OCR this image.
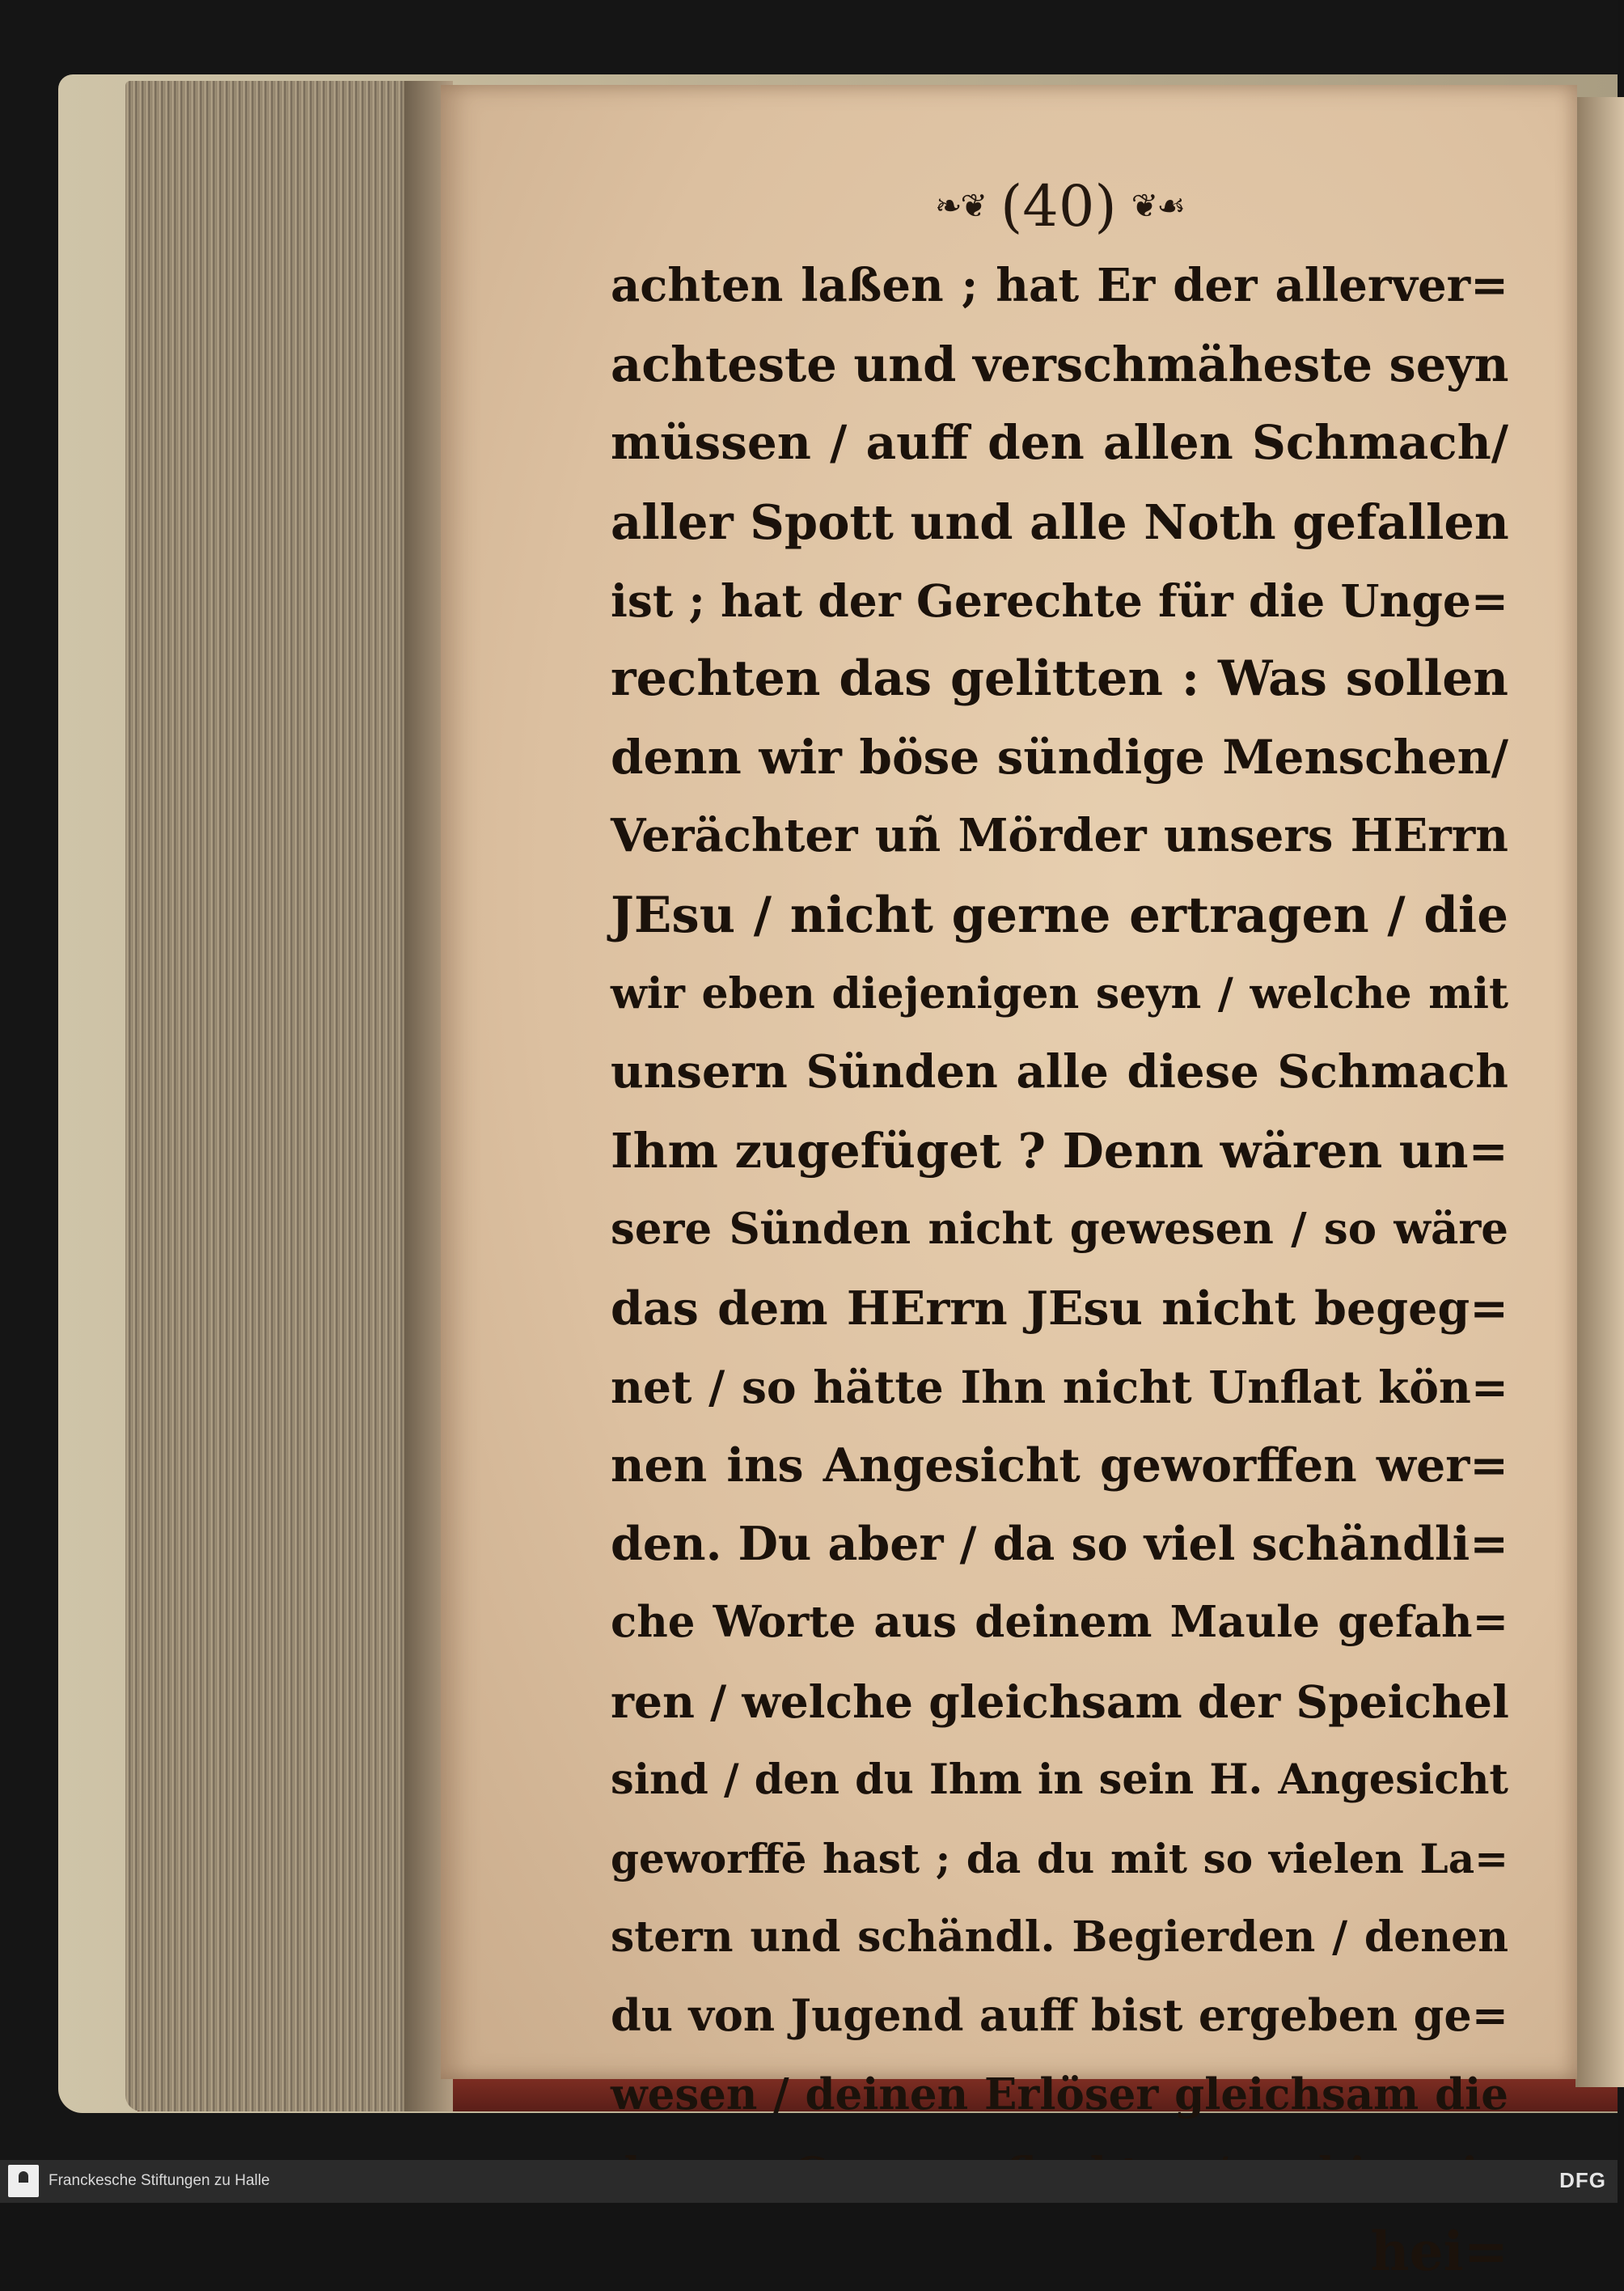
❧❦ (40) ❦☙
achten laßen ; hat Er der allerver=
achteste und verschmäheste seyn
müssen / auff den allen Schmach/
aller Spott und alle Noth gefallen
ist ; hat der Gerechte für die Unge=
rechten das gelitten : Was sollen
denn wir böse sündige Menschen/
Verächter uñ Mörder unsers HErrn
JEsu / nicht gerne ertragen / die
wir eben diejenigen seyn / welche mit
unsern Sünden alle diese Schmach
Ihm zugefüget ? Denn wären un=
sere Sünden nicht gewesen / so wäre
das dem HErrn JEsu nicht begeg=
net / so hätte Ihn nicht Unflat kön=
nen ins Angesicht geworffen wer=
den. Du aber / da so viel schändli=
che Worte aus deinem Maule gefah=
ren / welche gleichsam der Speichel
sind / den du Ihm in sein H. Angesicht
geworffē hast ; da du mit so vielen La=
stern und schändl. Begierden / denen
du von Jugend auff bist ergeben ge=
wesen / deinen Erlöser gleichsam die
hei=
Franckesche Stiftungen zu Halle	DFG
